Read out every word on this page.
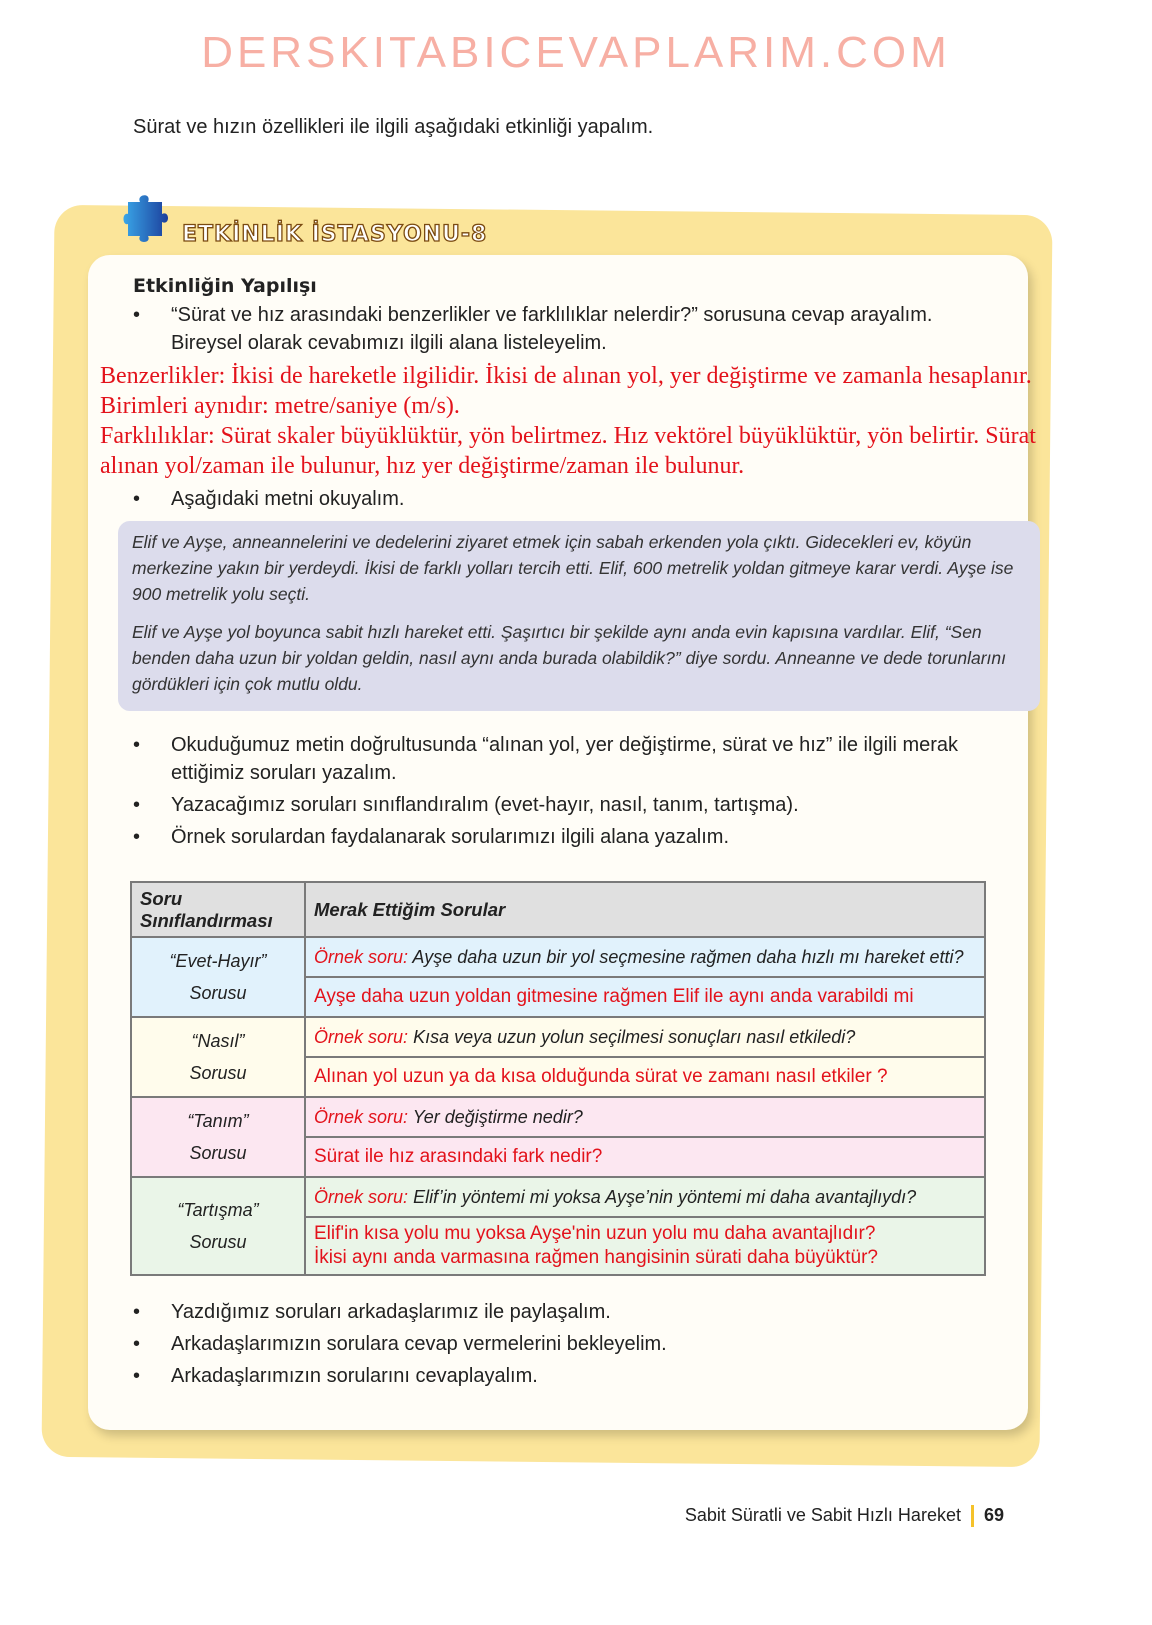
DERSKITABICEVAPLARIM.COM
Sürat ve hızın özellikleri ile ilgili aşağıdaki etkinliği yapalım.
Etkinliğin Yapılışı
• “Sürat ve hız arasındaki benzerlikler ve farklılıklar nelerdir?” sorusuna cevap arayalım. Bireysel olarak cevabımızı ilgili alana listeleyelim.
Benzerlikler: İkisi de hareketle ilgilidir. İkisi de alınan yol, yer değiştirme ve zamanla hesaplanır. Birimleri aynıdır: metre/saniye (m/s).
Farklılıklar: Sürat skaler büyüklüktür, yön belirtmez. Hız vektörel büyüklüktür, yön belirtir. Sürat alınan yol/zaman ile bulunur, hız yer değiştirme/zaman ile bulunur.
• Aşağıdaki metni okuyalım.

Elif ve Ayşe, anneannelerini ve dedelerini ziyaret etmek için sabah erkenden yola çıktı. Gidecekleri ev, köyün merkezine yakın bir yerdeydi. İkisi de farklı yolları tercih etti. Elif, 600 metrelik yoldan gitmeye karar verdi. Ayşe ise 900 metrelik yolu seçti.

Elif ve Ayşe yol boyunca sabit hızlı hareket etti. Şaşırtıcı bir şekilde aynı anda evin kapısına vardılar. Elif, “Sen benden daha uzun bir yoldan geldin, nasıl aynı anda burada olabildik?” diye sordu. Anneanne ve dede torunlarını gördükleri için çok mutlu oldu.

• Okuduğumuz metin doğrultusunda “alınan yol, yer değiştirme, sürat ve hız” ile ilgili merak ettiğimiz soruları yazalım.
• Yazacağımız soruları sınıflandıralım (evet-hayır, nasıl, tanım, tartışma).
• Örnek sorulardan faydalanarak sorularımızı ilgili alana yazalım.
Soru Sınıflandırması	Merak Ettiğim Sorular

“Evet-Hayır”
Sorusu	Örnek soru: Ayşe daha uzun bir yol seçmesine rağmen daha hızlı mı hareket etti?
	Ayşe daha uzun yoldan gitmesine rağmen Elif ile aynı anda varabildi mi

“Nasıl”
Sorusu	Örnek soru: Kısa veya uzun yolun seçilmesi sonuçları nasıl etkiledi?
	Alınan yol uzun ya da kısa olduğunda sürat ve zamanı nasıl etkiler ?

“Tanım”
Sorusu	Örnek soru: Yer değiştirme nedir?
	Sürat ile hız arasındaki fark nedir?

“Tartışma”
Sorusu	Örnek soru: Elif’in yöntemi mi yoksa Ayşe’nin yöntemi mi daha avantajlıydı?

	Elif'in kısa yolu mu yoksa Ayşe'nin uzun yolu mu daha avantajlıdır?
İkisi aynı anda varmasına rağmen hangisinin sürati daha büyüktür?
• Yazdığımız soruları arkadaşlarımız ile paylaşalım.
• Arkadaşlarımızın sorulara cevap vermelerini bekleyelim.
• Arkadaşlarımızın sorularını cevaplayalım.
ETKİNLİK İSTASYONU-8
Sabit Süratli ve Sabit Hızlı Hareket 69
